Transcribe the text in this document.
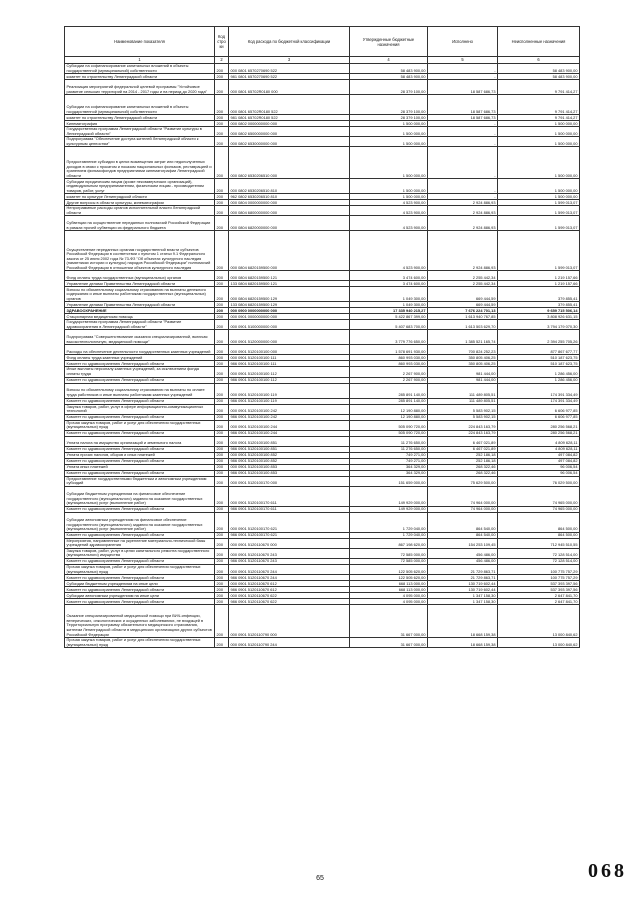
Наименование показателя	Код стро ки	Код расхода по бюджетной классификации	Утвержденные бюджетные назначения	Исполнено	Неисполненные назначения
1	2	3	4	5	6
Субсидии на софинансирование капитальных вложений в объекты государственной (муниципальной) собственности	200	000 0801 6570270690 522	58 483 900,00	-	58 483 900,00
комитет по строительству Ленинградской области	200	981 0801 6570270690 522	58 483 900,00	-	58 483 900,00
Реализация мероприятий федеральной целевой программы "Устойчивое развитие сельских территорий на 2014 - 2017 годы и на период до 2020 года"	200	000 0801 65702R0180 000	28 379 100,00	18 587 686,73	9 791 414,27
Субсидии на софинансирование капитальных вложений в объекты государственной (муниципальной) собственности	200	000 0801 65702R0180 522	28 379 100,00	18 587 686,73	9 791 414,27
комитет по строительству Ленинградской области	200	981 0801 65702R0180 522	28 379 100,00	18 587 686,73	9 791 414,27
Кинематография	200	000 0802 0000000000 000	1 500 000,00	-	1 500 000,00
Государственная программа Ленинградской области "Развитие культуры в Ленинградской области"	200	000 0802 6500000000 000	1 500 000,00	-	1 500 000,00
Подпрограмма "Обеспечение доступа жителей Ленинградской области к культурным ценностям"	200	000 0802 6530000000 000	1 500 000,00	-	1 500 000,00
Предоставление субсидии в целях возмещения затрат или недополученных доходов в связи с прокатом и показом национальных фильмов, реставрацией и хранением фильмофондов предприятиями кинематографии Ленинградской области	200	000 0802 6530206510 000	1 500 000,00	-	1 500 000,00
Субсидии юридическим лицам (кроме некоммерческих организаций), индивидуальным предпринимателям, физическим лицам - производителям товаров, работ, услуг	200	000 0802 6530206510 810	1 500 000,00	-	1 500 000,00
комитет по культуре Ленинградской области	200	962 0802 6530206510 810	1 500 000,00	-	1 500 000,00
Другие вопросы в области культуры, кинематографии	200	000 0804 0000000000 000	4 523 900,00	2 924 886,93	1 599 013,07
Непрограммные расходы органов исполнительной власти Ленинградской области	200	000 0804 6800000000 000	4 523 900,00	2 924 886,93	1 599 013,07
Субвенции на осуществление переданных полномочий Российской Федерации в рамках прочей субвенции из федерального бюджета	200	000 0804 6820000000 000	4 523 900,00	2 924 886,93	1 599 013,07
Осуществление переданных органам государственной власти субъектов Российской Федерации в соответствии с пунктом 1 статьи 9.1 Федерального закона от 25 июня 2002 года № 73-ФЗ "Об объектах культурного наследия (памятниках истории и культуры) народов Российской Федерации" полномочий Российской Федерации в отношении объектов культурного наследия	200	000 0804 6820159500 000	4 523 900,00	2 924 886,93	1 599 013,07
Фонд оплаты труда государственных (муниципальных) органов	200	000 0804 6820159500 121	3 474 600,00	2 255 442,34	1 219 157,66
Управление делами Правительства Ленинградской области	200	133 0804 6820159500 121	3 474 600,00	2 255 442,34	1 219 157,66
Взносы по обязательному социальному страхованию на выплаты денежного содержания и иные выплаты работникам государственных (муниципальных) органов	200	000 0804 6820159500 129	1 049 300,00	669 444,59	379 855,41
Управление делами Правительства Ленинградской области	200	133 0804 6820159500 129	1 049 300,00	669 444,59	379 855,41
ЗДРАВООХРАНЕНИЕ	200	000 0900 0000000000 000	17 335 940 215,27	7 676 224 701,13	9 659 715 506,14
Стационарная медицинская помощь	200	000 0901 0000000000 000	5 422 867 399,00	1 613 940 767,85	3 808 926 631,15
Государственная программа Ленинградской области "Развитие здравоохранения в Ленинградской области"	200	000 0901 5100000000 000	5 407 683 700,00	1 613 503 629,70	3 794 179 070,30
Подпрограмма "Совершенствование оказания специализированной, включая высокотехнологичную, медицинской помощи"	200	000 0901 5120000000 000	3 779 776 650,00	1 385 521 165,74	2 394 255 705,26
Расходы на обеспечение деятельности государственных казенных учреждений	200	000 0901 5120100100 000	1 578 691 930,00	700 824 252,23	877 867 677,77
Фонд оплаты труда казенных учреждений	200	000 0901 5120100100 111	860 993 030,00	350 805 406,25	510 187 623,75
Комитет по здравоохранению Ленинградской области	200	986 0901 5120100100 111	860 993 030,00	350 805 406,25	510 187 623,75
Иные выплаты персоналу казенных учреждений, за исключением фонда оплаты труда	200	000 0901 5120100100 112	2 267 900,00	981 444,00	1 286 456,00
Комитет по здравоохранению Ленинградской области	200	986 0901 5120100100 112	2 267 900,00	981 444,00	1 286 456,00
Взносы по обязательному социальному страхованию на выплаты по оплате труда работников и иные выплаты работникам казенных учреждений	200	000 0901 5120100100 119	285 891 140,00	111 489 805,51	174 391 334,49
Комитет по здравоохранению Ленинградской области	200	986 0901 5120100100 119	285 891 140,00	111 489 805,51	174 391 334,49
Закупка товаров, работ, услуг в сфере информационно-коммуникационных технологий	200	000 0901 5120100100 242	12 190 880,00	5 583 902,15	6 606 977,85
Комитет по здравоохранению Ленинградской области	200	986 0901 5120100100 242	12 190 880,00	5 583 902,15	6 606 977,85
Прочая закупка товаров, работ и услуг для обеспечения государственных (муниципальных) нужд	200	000 0901 5120100100 244	505 090 720,00	224 843 163,79	280 256 568,21
Комитет по здравоохранению Ленинградской области	200	986 0901 5120100100 244	505 090 720,00	224 843 163,79	280 256 568,21
Уплата налога на имущество организаций и земельного налога	200	000 0901 5120100100 851	11 276 650,00	6 467 021,89	4 809 628,11
Комитет по здравоохранению Ленинградской области	200	986 0901 5120100100 851	11 276 650,00	6 467 021,89	4 809 628,11
Уплата прочих налогов, сборов и иных платежей	200	000 0901 5120100100 852	749 271,00	252 186,18	497 084,82
Комитет по здравоохранению Ленинградской области	200	986 0901 5120100100 852	749 271,00	252 186,18	497 084,82
Уплата иных платежей	200	000 0901 5120100100 853	364 329,00	268 322,46	96 006,54
Комитет по здравоохранению Ленинградской области	200	986 0901 5120100100 853	364 329,00	268 322,46	96 006,54
Предоставление государственными бюджетным и автономным учреждениям субсидий	200	000 0901 5120100170 000	151 659 000,00	75 629 500,00	76 029 500,00
Субсидии бюджетным учреждениям на финансовое обеспечение государственного (муниципального) задания на оказание государственных (муниципальных) услуг (выполнение работ)	200	000 0901 5120100170 611	149 929 000,00	74 964 000,00	74 965 000,00
Комитет по здравоохранению Ленинградской области	200	986 0901 5120100170 611	149 929 000,00	74 964 000,00	74 965 000,00
Субсидии автономным учреждениям на финансовое обеспечение государственного (муниципального) задания на оказание государственных (муниципальных) услуг (выполнение работ)	200	000 0901 5120100170 621	1 729 040,00	864 540,00	864 500,00
Комитет по здравоохранению Ленинградской области	200	986 0901 5120100170 621	1 729 040,00	864 540,00	864 500,00
Мероприятия, направленные на укрепление материально-технической базы учреждений здравоохранения	200	000 0901 5120110670 000	867 198 620,00	154 253 109,45	712 945 510,55
Закупка товаров, работ, услуг в целях капитального ремонта государственного (муниципального) имущества	200	000 0901 5120110670 243	72 585 000,00	456 486,00	72 128 514,00
Комитет по здравоохранению Ленинградской области	200	986 0901 5120110670 243	72 585 000,00	456 486,00	72 128 514,00
Прочая закупка товаров, работ и услуг для обеспечения государственных (муниципальных) нужд	200	000 0901 5120110670 244	122 505 620,00	21 729 863,71	100 775 757,29
Комитет по здравоохранению Ленинградской области	200	986 0901 5120110670 244	122 505 620,00	21 729 863,71	100 775 757,29
Субсидии бюджетным учреждениям на иные цели	200	000 0901 5120110670 612	668 113 000,00	130 719 602,44	537 393 397,56
Комитет по здравоохранению Ленинградской области	200	986 0901 5120110670 612	668 113 000,00	130 719 602,44	537 393 397,56
Субсидии автономным учреждениям на иные цели	200	000 0901 5120110670 622	4 095 000,00	1 347 158,30	2 647 841,70
Комитет по здравоохранению Ленинградской области	200	986 0901 5120110670 622	4 095 000,00	1 347 158,30	2 647 841,70
Оказание специализированной медицинской помощи при ВИЧ-инфекции, венерических, онкологических и осужденных заболеваниях, не входящей в Территориальную программу обязательного медицинского страхования, жителям Ленинградской области в медицинских организациях других субъектов Российской Федерации	200	000 0901 5120110790 000	31 667 000,00	18 668 159,38	13 000 840,62
Прочая закупка товаров, работ и услуг для обеспечения государственных (муниципальных) нужд	200	000 0901 5120110790 244	31 667 000,00	18 668 159,38	13 000 840,62
65	068
